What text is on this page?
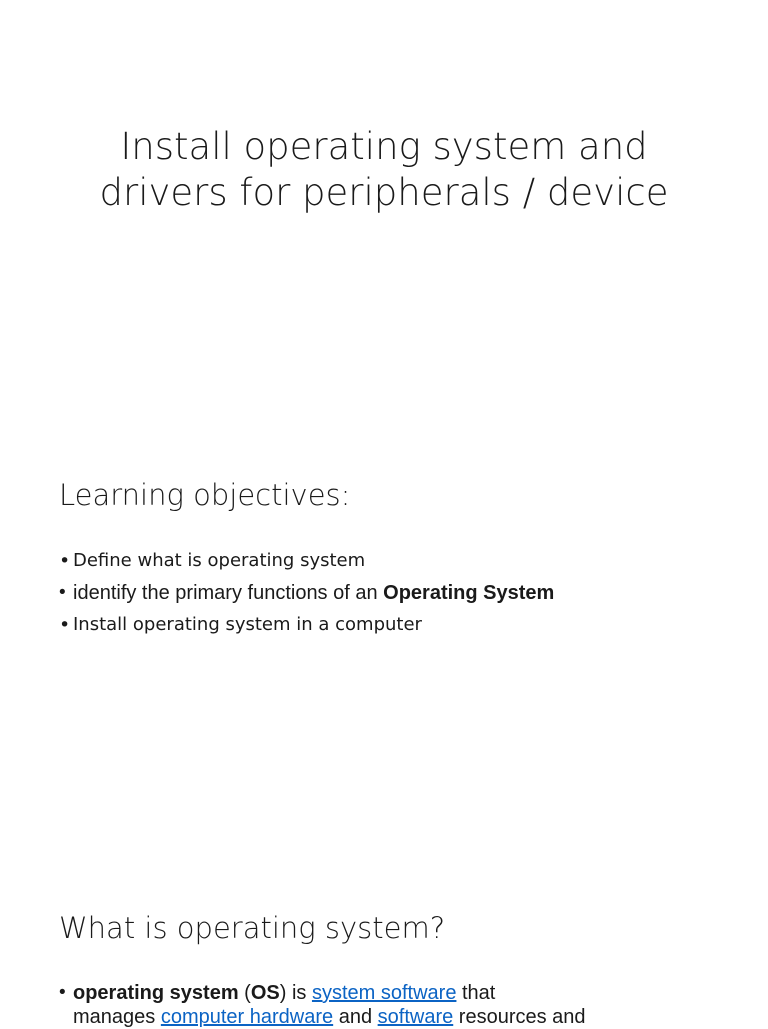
Install operating system and
drivers for peripherals / device
Learning objectives:
• Define what is operating system
• identify the primary functions of an Operating System
• Install operating system in a computer
What is operating system?
• operating system (OS) is system software that
manages computer hardware and software resources and
